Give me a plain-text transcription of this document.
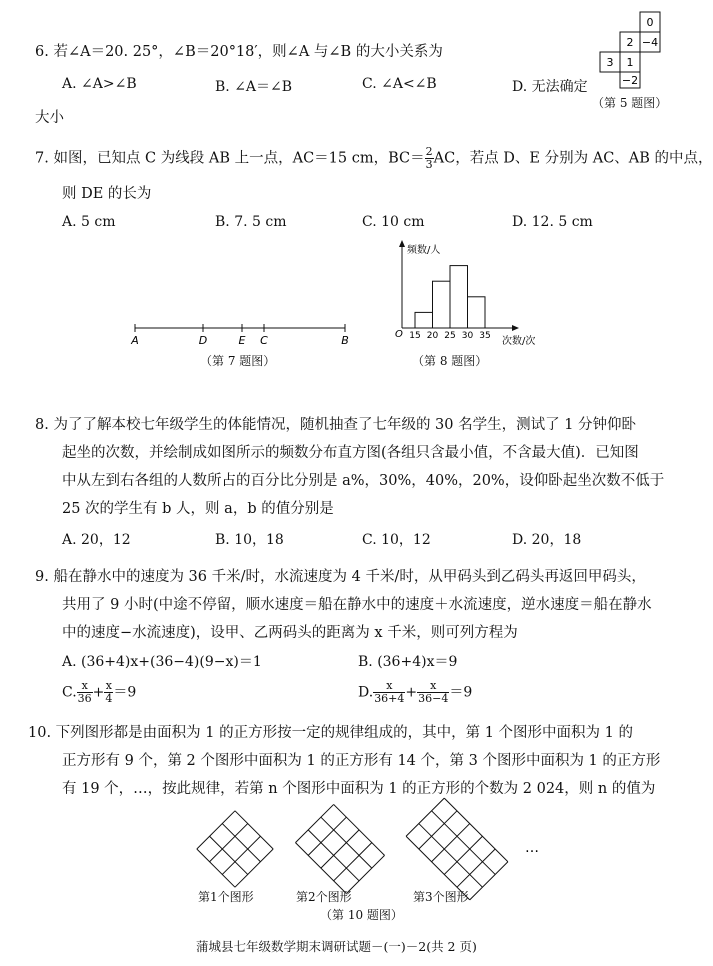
6. 若∠A＝20. 25°，∠B＝20°18′，则∠A 与∠B 的大小关系为
A. ∠A>∠B	B. ∠A＝∠B	C. ∠A<∠B	D. 无法确定
大小
0
2 −4
3 1
−2
（第 5 题图）
7. 如图，已知点 C 为线段 AB 上一点，AC＝15 cm，$BC= \frac{2}{3}$ AC，若点 D、E 分别为 AC、AB 的中点，
则 DE 的长为
A. 5 cm	B. 7. 5 cm	C. 10 cm	D. 12. 5 cm
A	D	E C	B
（第 7 题图）
频数/人
次数/次
O 15 20 25 30 35
（第 8 题图）
8. 为了了解本校七年级学生的体能情况，随机抽查了七年级的 30 名学生，测试了 1 分钟仰卧
起坐的次数，并绘制成如图所示的频数分布直方图(各组只含最小值，不含最大值)．已知图
中从左到右各组的人数所占的百分比分别是 a%，30%，40%，20%，设仰卧起坐次数不低于
25 次的学生有 b 人，则 a，b 的值分别是
A. 20，12	B. 10，18	C. 10，12	D. 20，18
9. 船在静水中的速度为 36 千米/时，水流速度为 4 千米/时，从甲码头到乙码头再返回甲码头，
共用了 9 小时(中途不停留，顺水速度＝船在静水中的速度＋水流速度，逆水速度＝船在静水
中的速度−水流速度)，设甲、乙两码头的距离为 x 千米，则可列方程为
A. (36+4)x+(36−4)(9−x)＝1	B. (36+4)x＝9
C. $\frac{x}{36} + \frac{x}{4} =9$	D. $\frac{x}{36+4} + \frac{x}{36-4} =9$
10. 下列图形都是由面积为 1 的正方形按一定的规律组成的，其中，第 1 个图形中面积为 1 的
正方形有 9 个，第 2 个图形中面积为 1 的正方形有 14 个，第 3 个图形中面积为 1 的正方形
有 19 个，…，按此规律，若第 n 个图形中面积为 1 的正方形的个数为 2 024，则 n 的值为
…
第1个图形	第2个图形	第3个图形
（第 10 题图）
蒲城县七年级数学期末调研试题－(一)－2(共 2 页)
